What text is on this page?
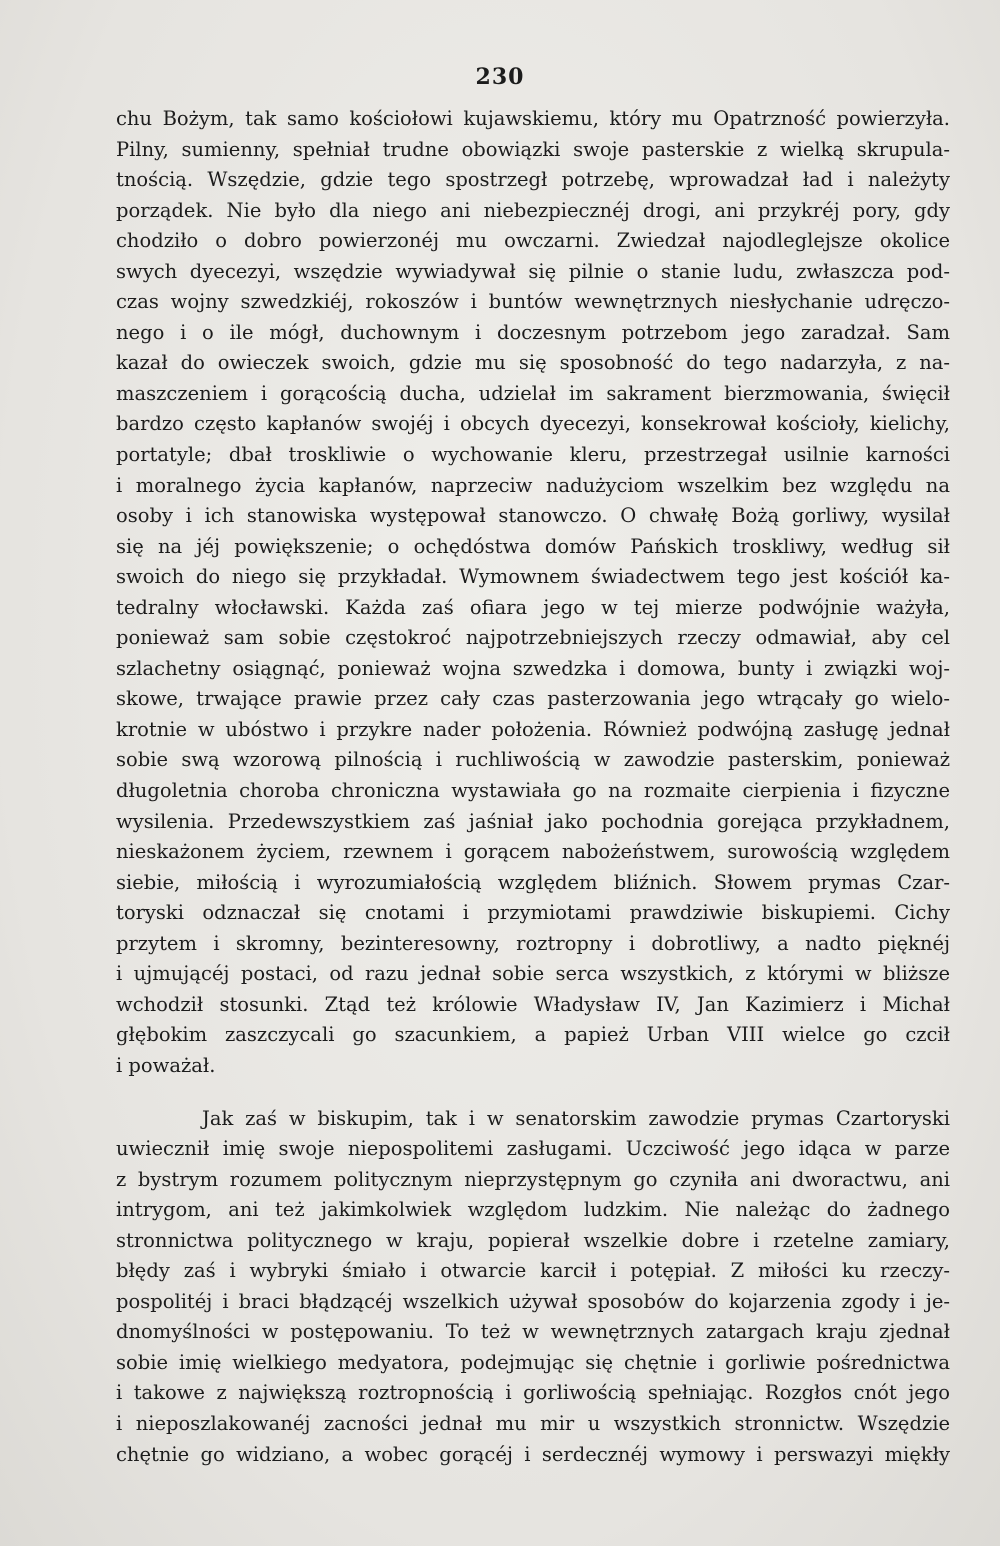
230
chu Bożym, tak samo kościołowi kujawskiemu, który mu Opatrzność powierzyła.
Pilny, sumienny, spełniał trudne obowiązki swoje pasterskie z wielką skrupula-
tnością. Wszędzie, gdzie tego spostrzegł potrzebę, wprowadzał ład i należyty
porządek. Nie było dla niego ani niebezpiecznéj drogi, ani przykréj pory, gdy
chodziło o dobro powierzonéj mu owczarni. Zwiedzał najodleglejsze okolice
swych dyecezyi, wszędzie wywiadywał się pilnie o stanie ludu, zwłaszcza pod-
czas wojny szwedzkiéj, rokoszów i buntów wewnętrznych niesłychanie udręczo-
nego i o ile mógł, duchownym i doczesnym potrzebom jego zaradzał. Sam
kazał do owieczek swoich, gdzie mu się sposobność do tego nadarzyła, z na-
maszczeniem i gorącością ducha, udzielał im sakrament bierzmowania, święcił
bardzo często kapłanów swojéj i obcych dyecezyi, konsekrował kościoły, kielichy,
portatyle; dbał troskliwie o wychowanie kleru, przestrzegał usilnie karności
i moralnego życia kapłanów, naprzeciw nadużyciom wszelkim bez względu na
osoby i ich stanowiska występował stanowczo. O chwałę Bożą gorliwy, wysilał
się na jéj powiększenie; o ochędóstwa domów Pańskich troskliwy, według sił
swoich do niego się przykładał. Wymownem świadectwem tego jest kościół ka-
tedralny włocławski. Każda zaś ofiara jego w tej mierze podwójnie ważyła,
ponieważ sam sobie częstokroć najpotrzebniejszych rzeczy odmawiał, aby cel
szlachetny osiągnąć, ponieważ wojna szwedzka i domowa, bunty i związki woj-
skowe, trwające prawie przez cały czas pasterzowania jego wtrącały go wielo-
krotnie w ubóstwo i przykre nader położenia. Również podwójną zasługę jednał
sobie swą wzorową pilnością i ruchliwością w zawodzie pasterskim, ponieważ
długoletnia choroba chroniczna wystawiała go na rozmaite cierpienia i fizyczne
wysilenia. Przedewszystkiem zaś jaśniał jako pochodnia gorejąca przykładnem,
nieskażonem życiem, rzewnem i gorącem nabożeństwem, surowością względem
siebie, miłością i wyrozumiałością względem bliźnich. Słowem prymas Czar-
toryski odznaczał się cnotami i przymiotami prawdziwie biskupiemi. Cichy
przytem i skromny, bezinteresowny, roztropny i dobrotliwy, a nadto pięknéj
i ujmującéj postaci, od razu jednał sobie serca wszystkich, z którymi w bliższe
wchodził stosunki. Ztąd też królowie Władysław IV, Jan Kazimierz i Michał
głębokim zaszczycali go szacunkiem, a papież Urban VIII wielce go czcił
i poważał.
Jak zaś w biskupim, tak i w senatorskim zawodzie prymas Czartoryski
uwiecznił imię swoje niepospolitemi zasługami. Uczciwość jego idąca w parze
z bystrym rozumem politycznym nieprzystępnym go czyniła ani dworactwu, ani
intrygom, ani też jakimkolwiek względom ludzkim. Nie należąc do żadnego
stronnictwa politycznego w kraju, popierał wszelkie dobre i rzetelne zamiary,
błędy zaś i wybryki śmiało i otwarcie karcił i potępiał. Z miłości ku rzeczy-
pospolitéj i braci błądzącéj wszelkich używał sposobów do kojarzenia zgody i je-
dnomyślności w postępowaniu. To też w wewnętrznych zatargach kraju zjednał
sobie imię wielkiego medyatora, podejmując się chętnie i gorliwie pośrednictwa
i takowe z największą roztropnością i gorliwością spełniając. Rozgłos cnót jego
i nieposzlakowanéj zacności jednał mu mir u wszystkich stronnictw. Wszędzie
chętnie go widziano, a wobec gorącéj i serdecznéj wymowy i perswazyi miękły
